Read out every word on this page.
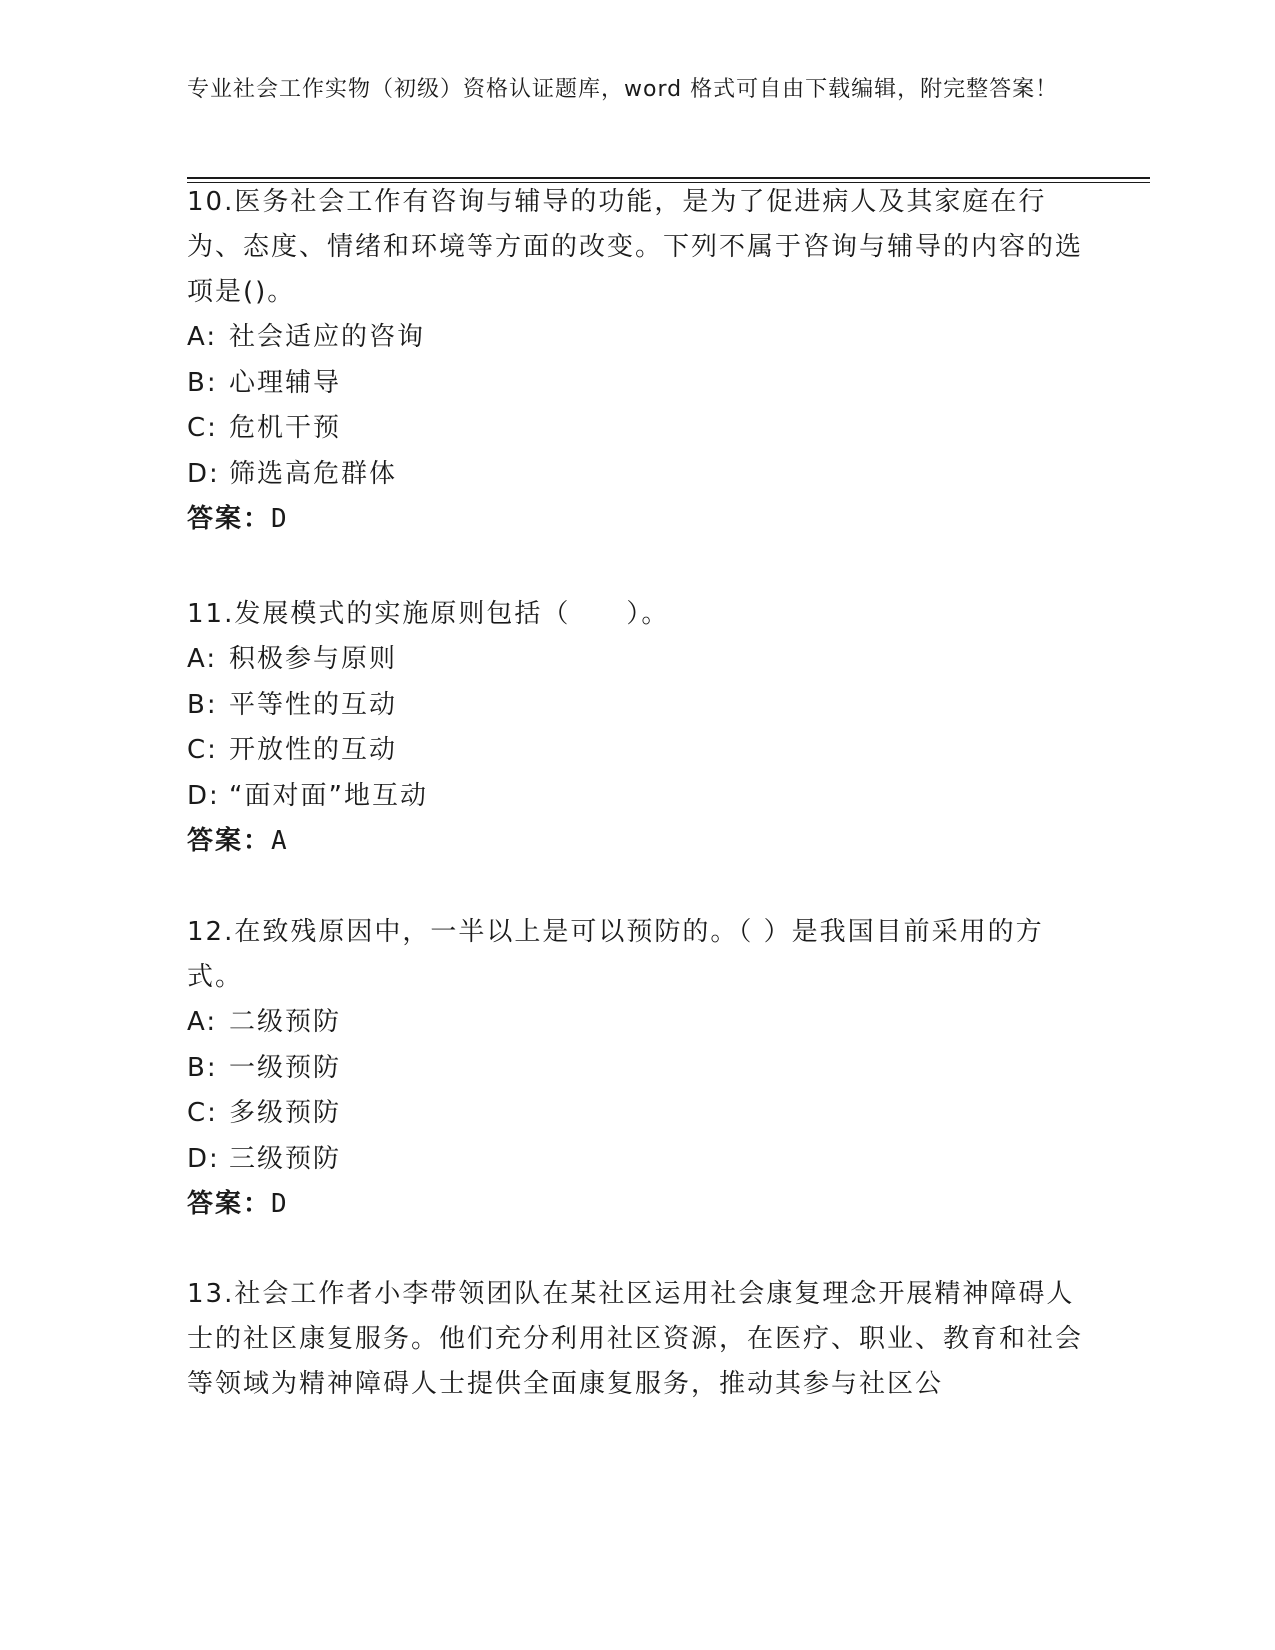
专业社会工作实物（初级）资格认证题库，word 格式可自由下载编辑，附完整答案！
10.医务社会工作有咨询与辅导的功能，是为了促进病人及其家庭在行为、态度、情绪和环境等方面的改变。下列不属于咨询与辅导的内容的选项是()。
A: 社会适应的咨询
B: 心理辅导
C: 危机干预
D: 筛选高危群体
答案：D
11.发展模式的实施原则包括（　　）。
A: 积极参与原则
B: 平等性的互动
C: 开放性的互动
D: “面对面”地互动
答案：A
12.在致残原因中，一半以上是可以预防的。（ ）是我国目前采用的方式。
A: 二级预防
B: 一级预防
C: 多级预防
D: 三级预防
答案：D
13.社会工作者小李带领团队在某社区运用社会康复理念开展精神障碍人士的社区康复服务。他们充分利用社区资源，在医疗、职业、教育和社会等领域为精神障碍人士提供全面康复服务，推动其参与社区公
